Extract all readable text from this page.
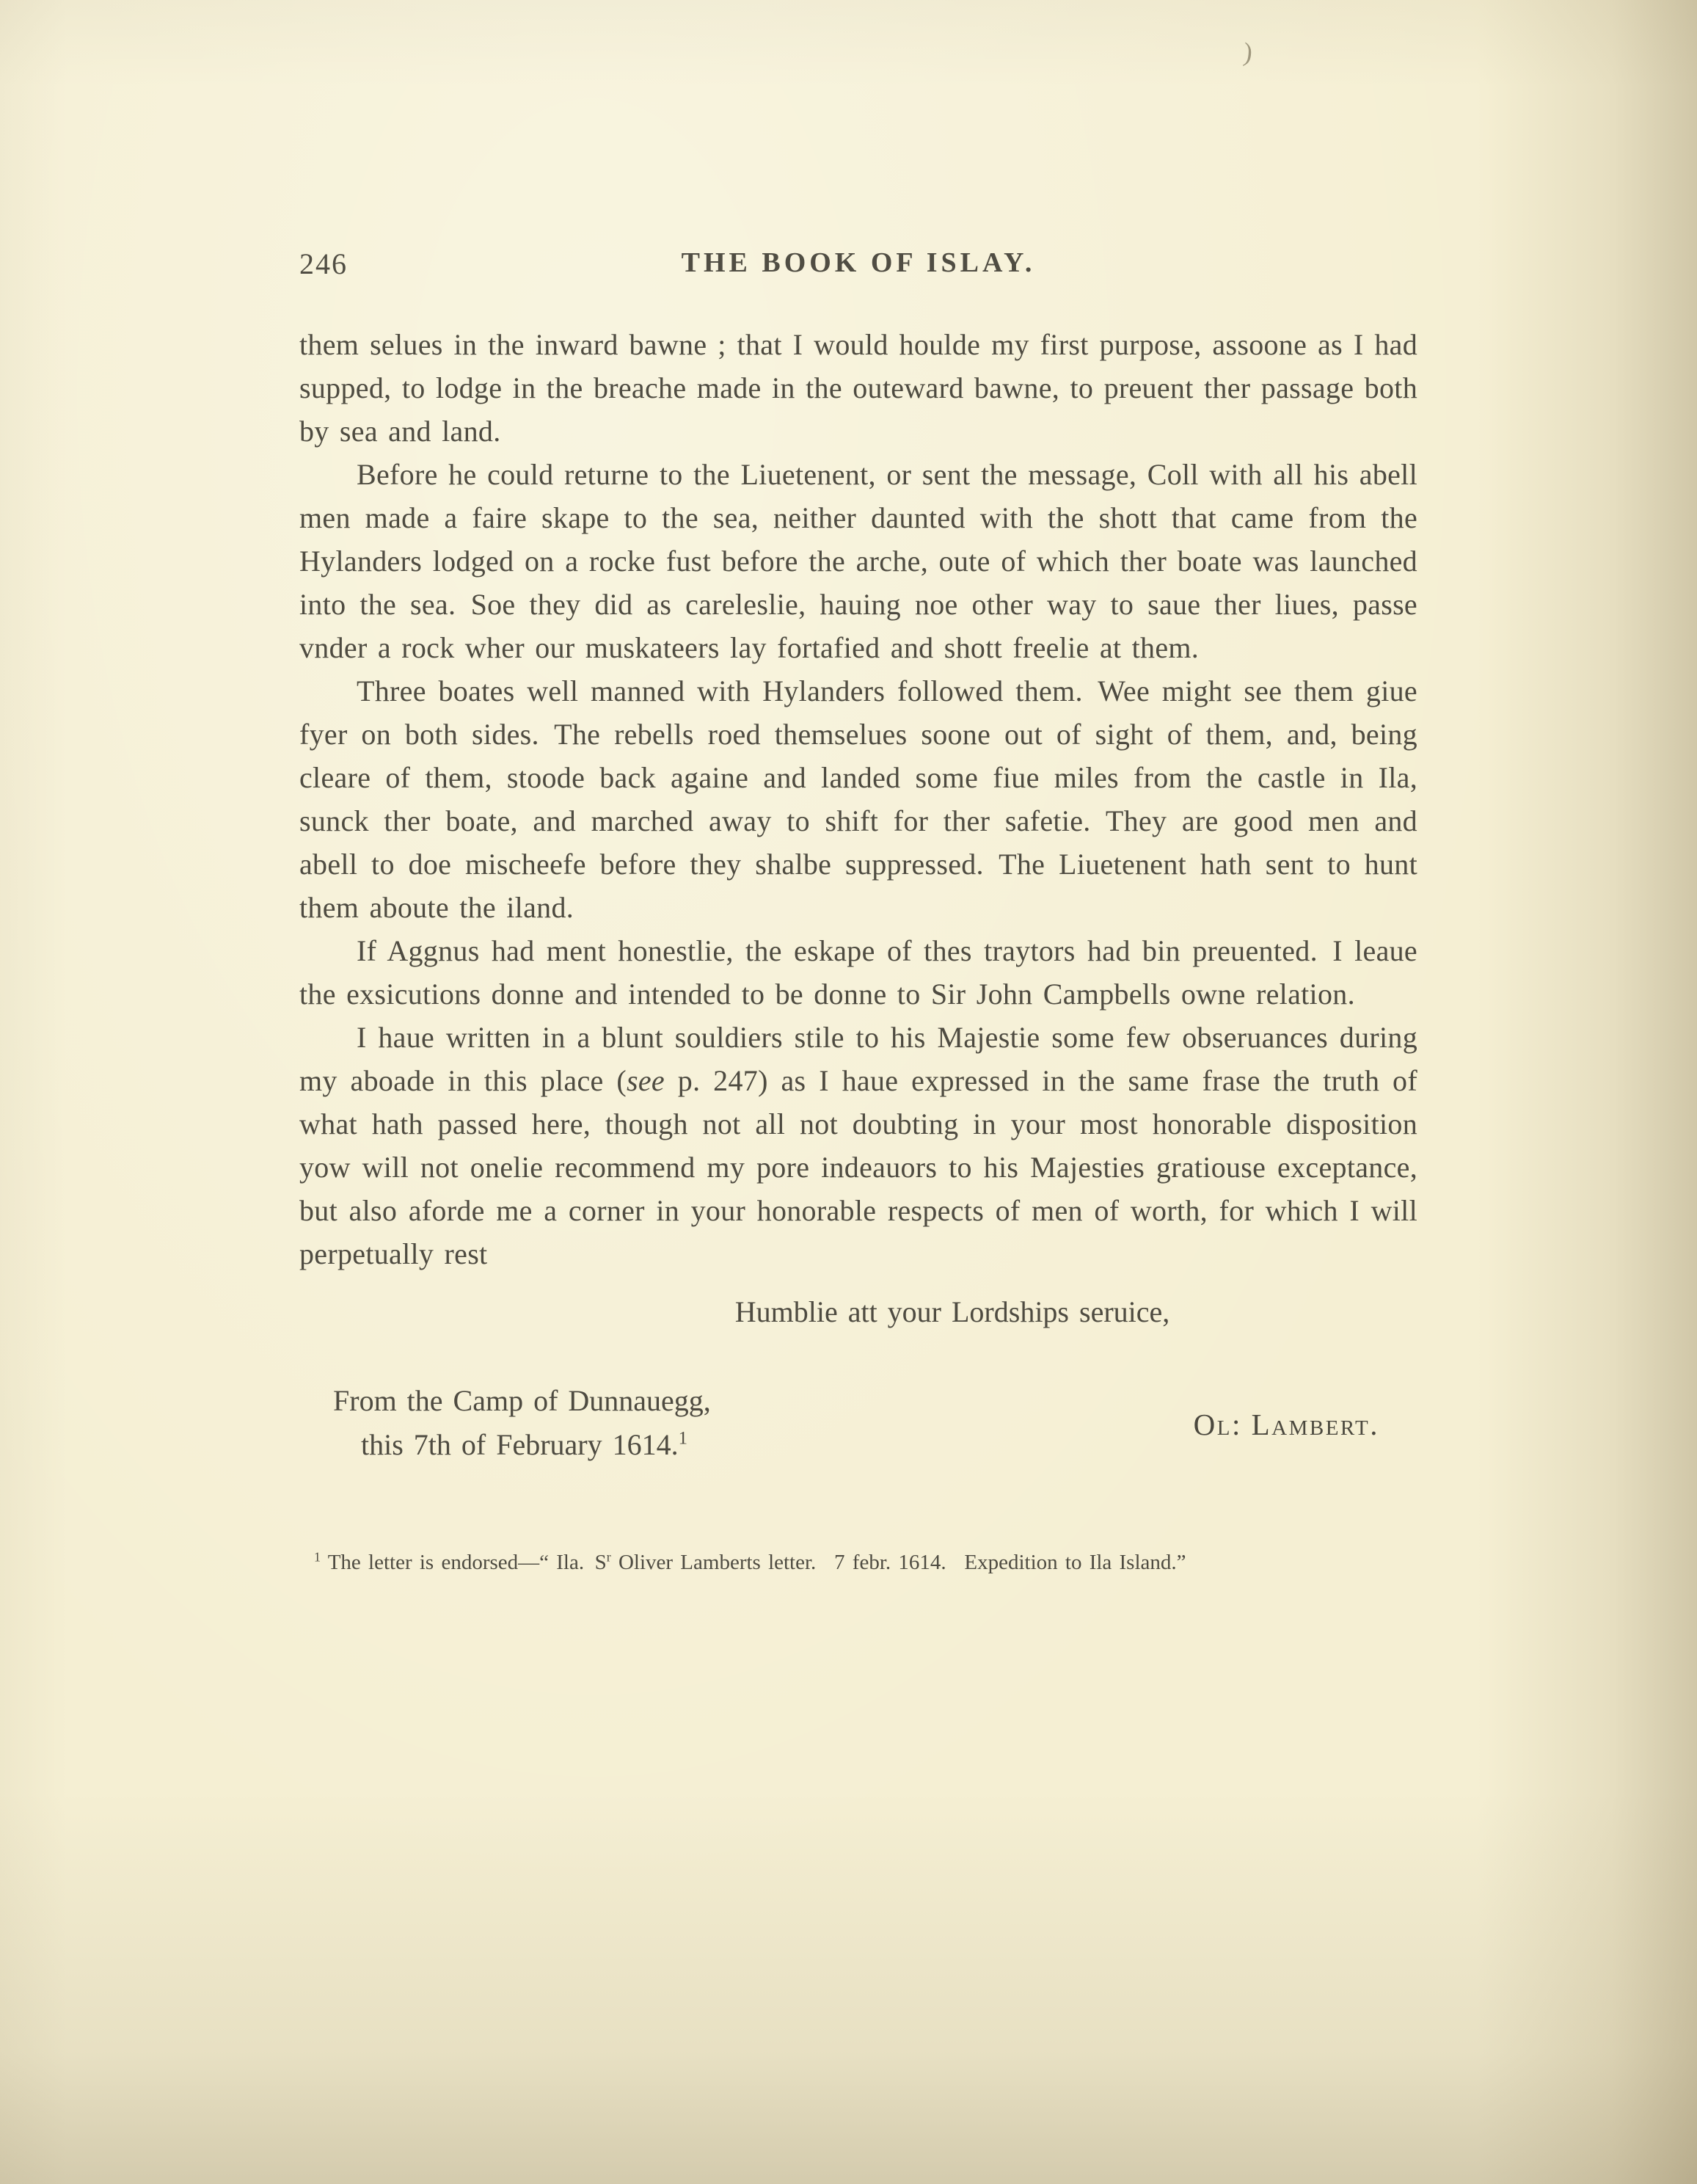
)
246	THE BOOK OF ISLAY.

them selues in the inward bawne ; that I would houlde my first purpose, assoone as I had supped, to lodge in the breache made in the outeward bawne, to preuent ther passage both by sea and land.

Before he could returne to the Liuetenent, or sent the message, Coll with all his abell men made a faire skape to the sea, neither daunted with the shott that came from the Hylanders lodged on a rocke fust before the arche, oute of which ther boate was launched into the sea. Soe they did as careleslie, hauing noe other way to saue ther liues, passe vnder a rock wher our muskateers lay fortafied and shott freelie at them.

Three boates well manned with Hylanders followed them. Wee might see them giue fyer on both sides. The rebells roed themselues soone out of sight of them, and, being cleare of them, stoode back againe and landed some fiue miles from the castle in Ila, sunck ther boate, and marched away to shift for ther safetie. They are good men and abell to doe mischeefe before they shalbe suppressed. The Liuetenent hath sent to hunt them aboute the iland.

If Aggnus had ment honestlie, the eskape of thes traytors had bin preuented. I leaue the exsicutions donne and intended to be donne to Sir John Campbells owne relation.

I haue written in a blunt souldiers stile to his Majestie some few obseruances during my aboade in this place (see p. 247) as I haue expressed in the same frase the truth of what hath passed here, though not all not doubting in your most honorable disposition yow will not onelie recommend my pore indeauors to his Majesties gratiouse exceptance, but also aforde me a corner in your honorable respects of men of worth, for which I will perpetually rest

Humblie att your Lordships seruice,

From the Camp of Dunnauegg,
this 7th of February 1614.$^1$	Ol: Lambert.
$^1$ The letter is endorsed—“ Ila. $S^r$ Oliver Lamberts letter.  7 febr. 1614.  Expedition to Ila Island.”
